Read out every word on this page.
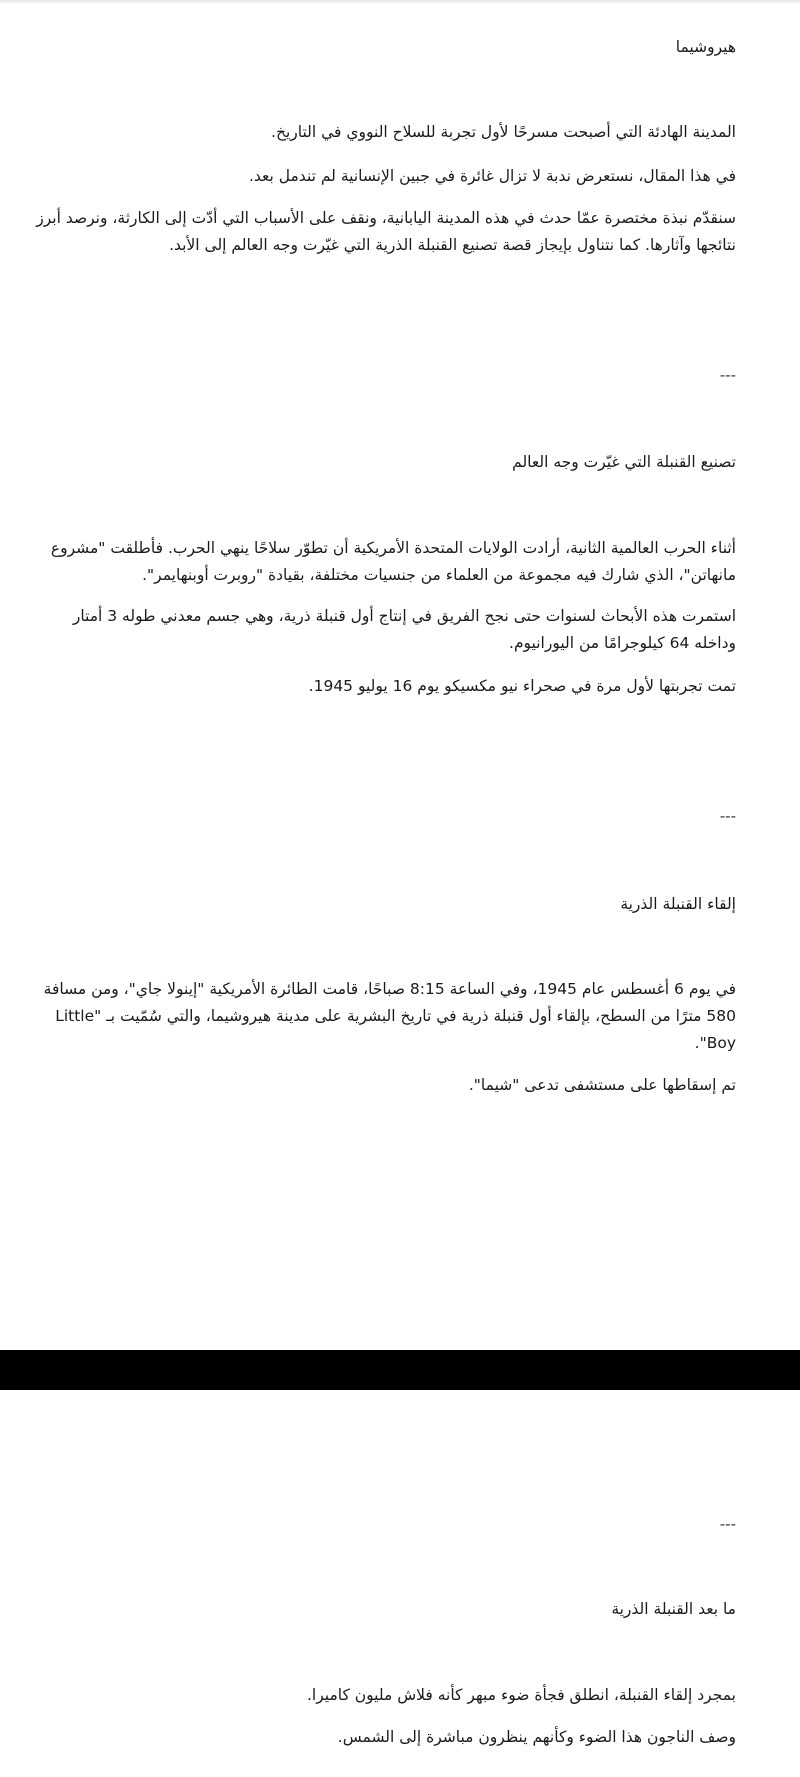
هيروشيما

المدينة الهادئة التي أصبحت مسرحًا لأول تجربة للسلاح النووي في التاريخ.

في هذا المقال، نستعرض ندبة لا تزال غائرة في جبين الإنسانية لم تندمل بعد.

سنقدّم نبذة مختصرة عمّا حدث في هذه المدينة اليابانية، ونقف على الأسباب التي أدّت إلى الكارثة، ونرصد أبرز نتائجها وآثارها. كما نتناول بإيجاز قصة تصنيع القنبلة الذرية التي غيّرت وجه العالم إلى الأبد.

---

تصنيع القنبلة التي غيّرت وجه العالم

أثناء الحرب العالمية الثانية، أرادت الولايات المتحدة الأمريكية أن تطوّر سلاحًا ينهي الحرب. فأطلقت "مشروع مانهاتن"، الذي شارك فيه مجموعة من العلماء من جنسيات مختلفة، بقيادة "روبرت أوبنهايمر".

استمرت هذه الأبحاث لسنوات حتى نجح الفريق في إنتاج أول قنبلة ذرية، وهي جسم معدني طوله 3 أمتار وداخله 64 كيلوجرامًا من اليورانيوم.

تمت تجربتها لأول مرة في صحراء نيو مكسيكو يوم 16 يوليو 1945.

---

إلقاء القنبلة الذرية

في يوم 6 أغسطس عام 1945، وفي الساعة 8:15 صباحًا، قامت الطائرة الأمريكية "إينولا جاي"، ومن مسافة 580 مترًا من السطح، بإلقاء أول قنبلة ذرية في تاريخ البشرية على مدينة هيروشيما، والتي سُمّيت بـ "Little Boy".

تم إسقاطها على مستشفى تدعى "شيما".

---

ما بعد القنبلة الذرية

بمجرد إلقاء القنبلة، انطلق فجأة ضوء مبهر كأنه فلاش مليون كاميرا.

وصف الناجون هذا الضوء وكأنهم ينظرون مباشرة إلى الشمس.
